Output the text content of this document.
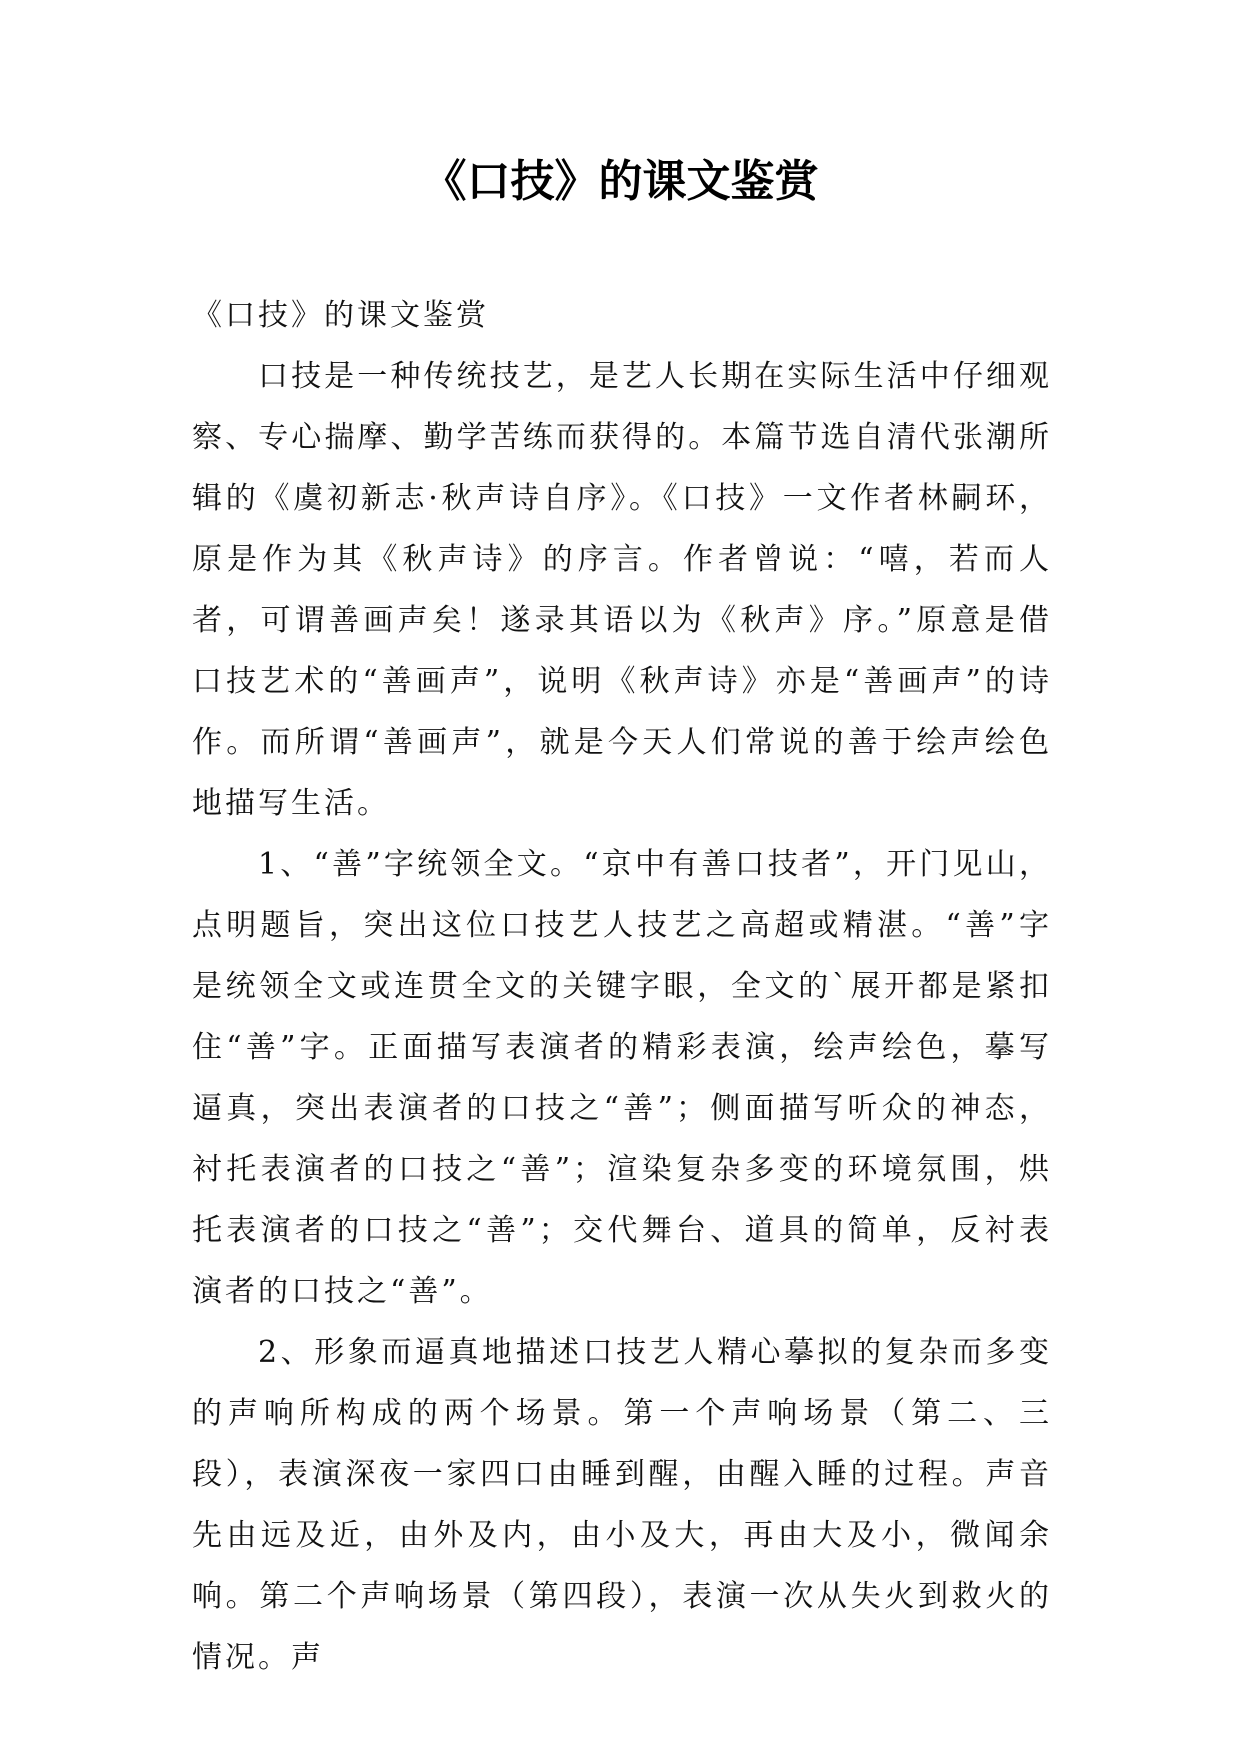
《口技》的课文鉴赏

《口技》的课文鉴赏

口技是一种传统技艺，是艺人长期在实际生活中仔细观察、专心揣摩、勤学苦练而获得的。本篇节选自清代张潮所辑的《虞初新志·秋声诗自序》。《口技》一文作者林嗣环，原是作为其《秋声诗》的序言。作者曾说：“嘻，若而人者，可谓善画声矣！遂录其语以为《秋声》序。”原意是借口技艺术的“善画声”，说明《秋声诗》亦是“善画声”的诗作。而所谓“善画声”，就是今天人们常说的善于绘声绘色地描写生活。

1、“善”字统领全文。“京中有善口技者”，开门见山，点明题旨，突出这位口技艺人技艺之高超或精湛。“善”字是统领全文或连贯全文的关键字眼，全文的`展开都是紧扣住“善”字。正面描写表演者的精彩表演，绘声绘色，摹写逼真，突出表演者的口技之“善”；侧面描写听众的神态，衬托表演者的口技之“善”；渲染复杂多变的环境氛围，烘托表演者的口技之“善”；交代舞台、道具的简单，反衬表演者的口技之“善”。

2、形象而逼真地描述口技艺人精心摹拟的复杂而多变的声响所构成的两个场景。第一个声响场景（第二、三段），表演深夜一家四口由睡到醒，由醒入睡的过程。声音先由远及近，由外及内，由小及大，再由大及小，微闻余响。第二个声响场景（第四段），表演一次从失火到救火的情况。声
